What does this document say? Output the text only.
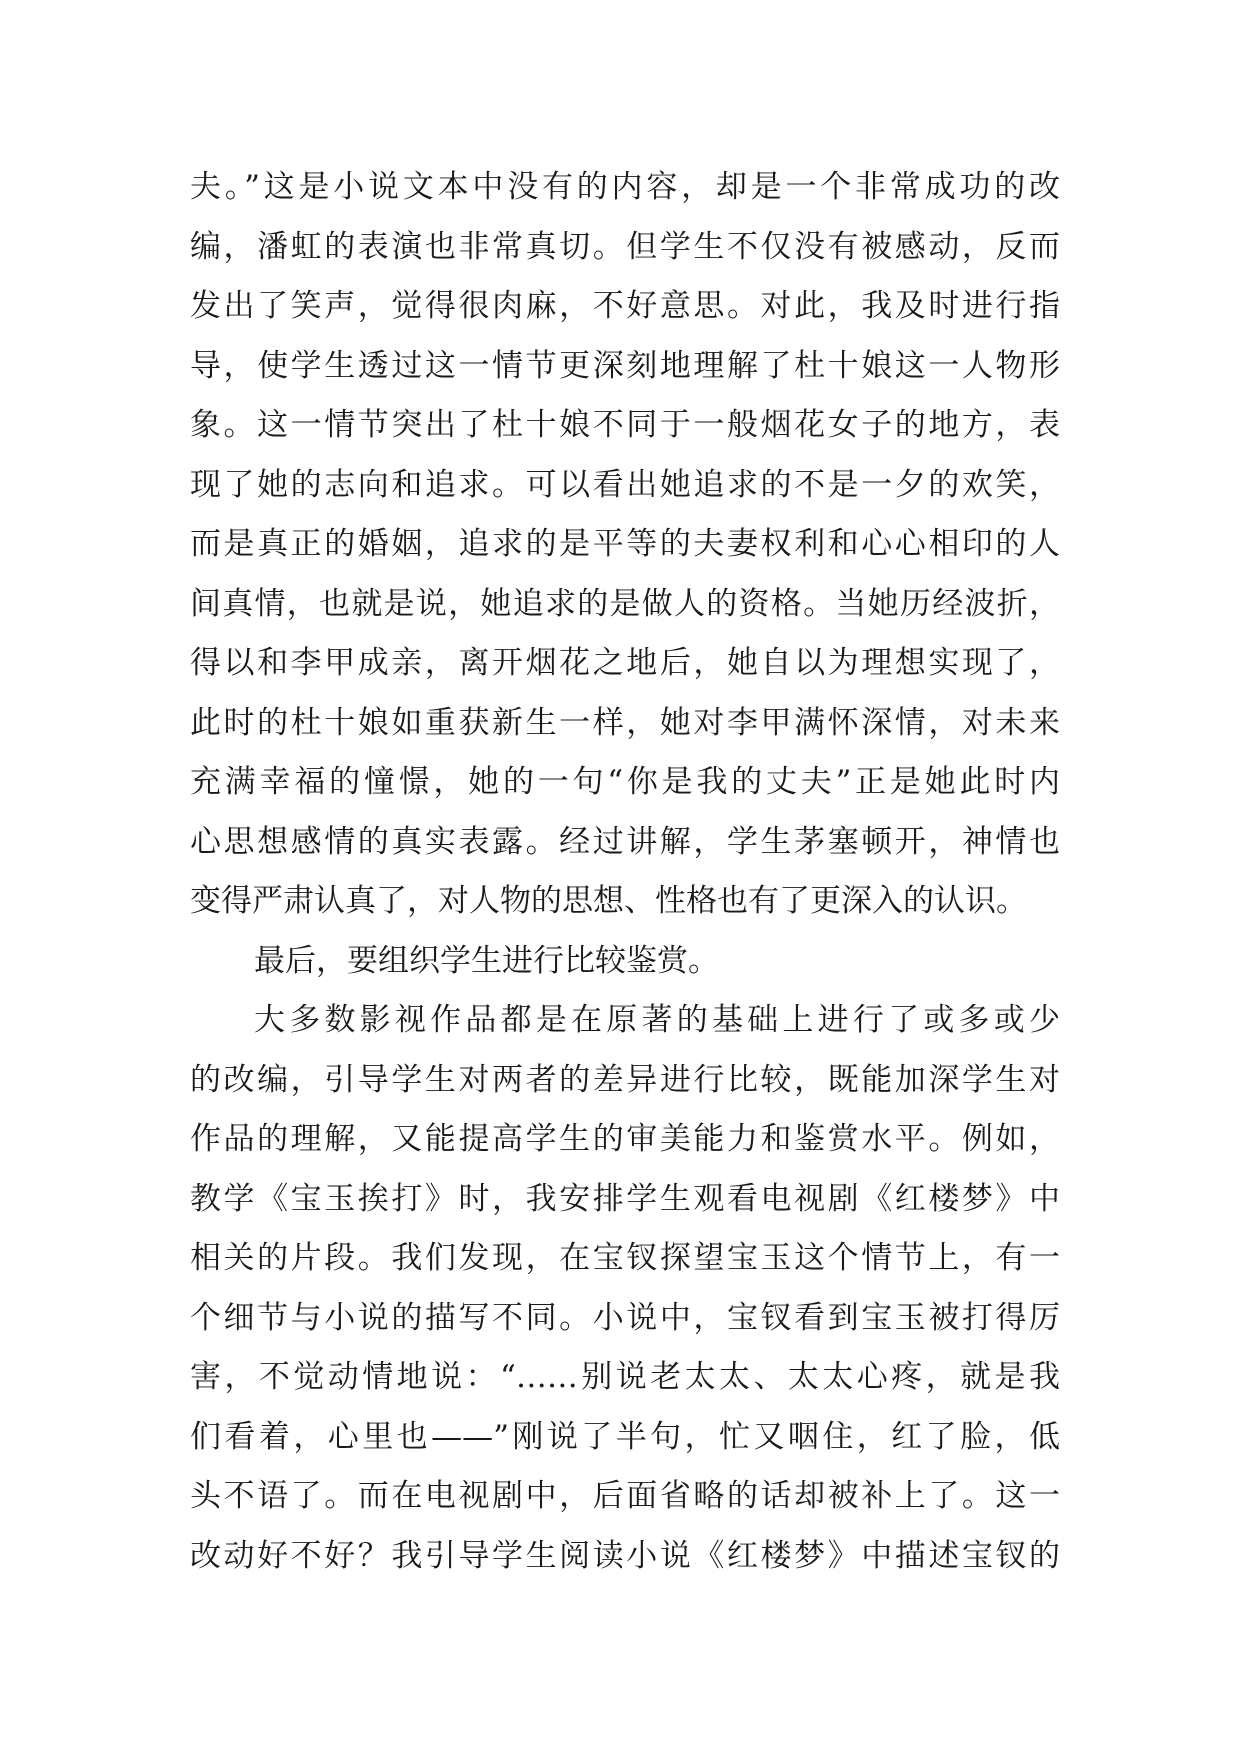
夫。”这是小说文本中没有的内容，却是一个非常成功的改
编，潘虹的表演也非常真切。但学生不仅没有被感动，反而
发出了笑声，觉得很肉麻，不好意思。对此，我及时进行指
导，使学生透过这一情节更深刻地理解了杜十娘这一人物形
象。这一情节突出了杜十娘不同于一般烟花女子的地方，表
现了她的志向和追求。可以看出她追求的不是一夕的欢笑，
而是真正的婚姻，追求的是平等的夫妻权利和心心相印的人
间真情，也就是说，她追求的是做人的资格。当她历经波折，
得以和李甲成亲，离开烟花之地后，她自以为理想实现了，
此时的杜十娘如重获新生一样，她对李甲满怀深情，对未来
充满幸福的憧憬，她的一句“你是我的丈夫”正是她此时内
心思想感情的真实表露。经过讲解，学生茅塞顿开，神情也
变得严肃认真了，对人物的思想、性格也有了更深入的认识。
最后，要组织学生进行比较鉴赏。
大多数影视作品都是在原著的基础上进行了或多或少
的改编，引导学生对两者的差异进行比较，既能加深学生对
作品的理解，又能提高学生的审美能力和鉴赏水平。例如，
教学《宝玉挨打》时，我安排学生观看电视剧《红楼梦》中
相关的片段。我们发现，在宝钗探望宝玉这个情节上，有一
个细节与小说的描写不同。小说中，宝钗看到宝玉被打得厉
害，不觉动情地说：“……别说老太太、太太心疼，就是我
们看着，心里也——”刚说了半句，忙又咽住，红了脸，低
头不语了。而在电视剧中，后面省略的话却被补上了。这一
改动好不好？我引导学生阅读小说《红楼梦》中描述宝钗的
